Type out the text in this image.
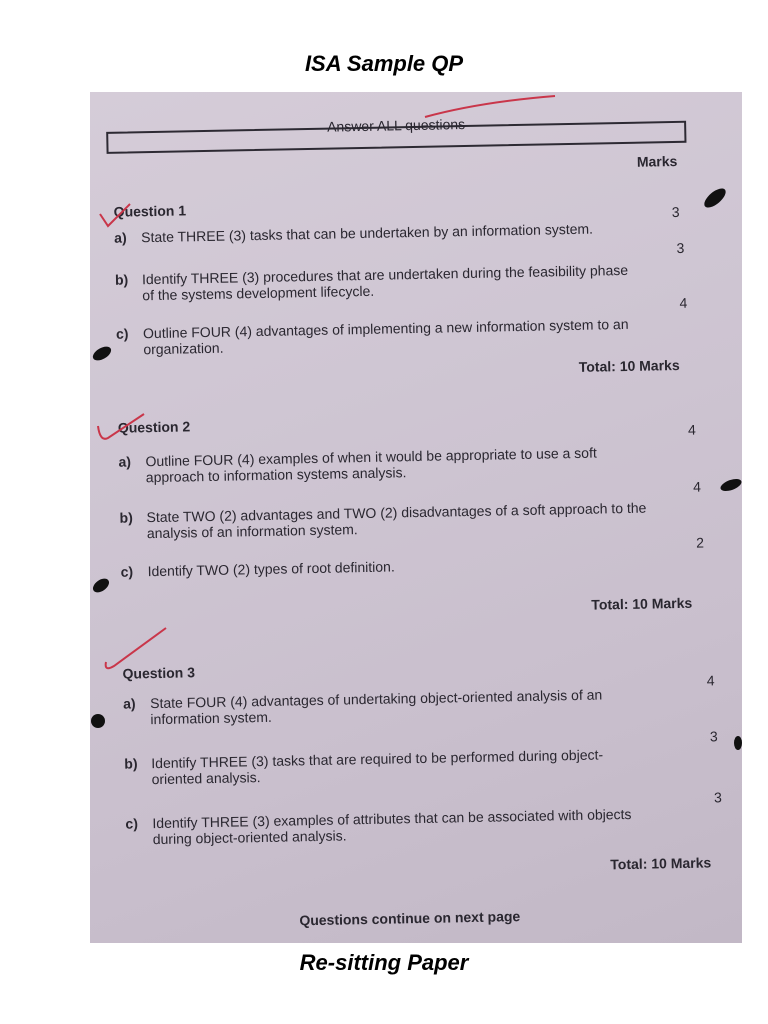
ISA Sample QP
Answer ALL questions
Marks
Question 1
a) State THREE (3) tasks that can be undertaken by an information system.
3
b) Identify THREE (3) procedures that are undertaken during the feasibility phase of the systems development lifecycle.
3
c) Outline FOUR (4) advantages of implementing a new information system to an organization.
4
Total: 10 Marks
Question 2
a) Outline FOUR (4) examples of when it would be appropriate to use a soft approach to information systems analysis.
4
b) State TWO (2) advantages and TWO (2) disadvantages of a soft approach to the analysis of an information system.
4
c) Identify TWO (2) types of root definition.
2
Total: 10 Marks
Question 3
a) State FOUR (4) advantages of undertaking object-oriented analysis of an information system.
4
b) Identify THREE (3) tasks that are required to be performed during object-oriented analysis.
3
c) Identify THREE (3) examples of attributes that can be associated with objects during object-oriented analysis.
3
Total: 10 Marks
Questions continue on next page
Re-sitting Paper
